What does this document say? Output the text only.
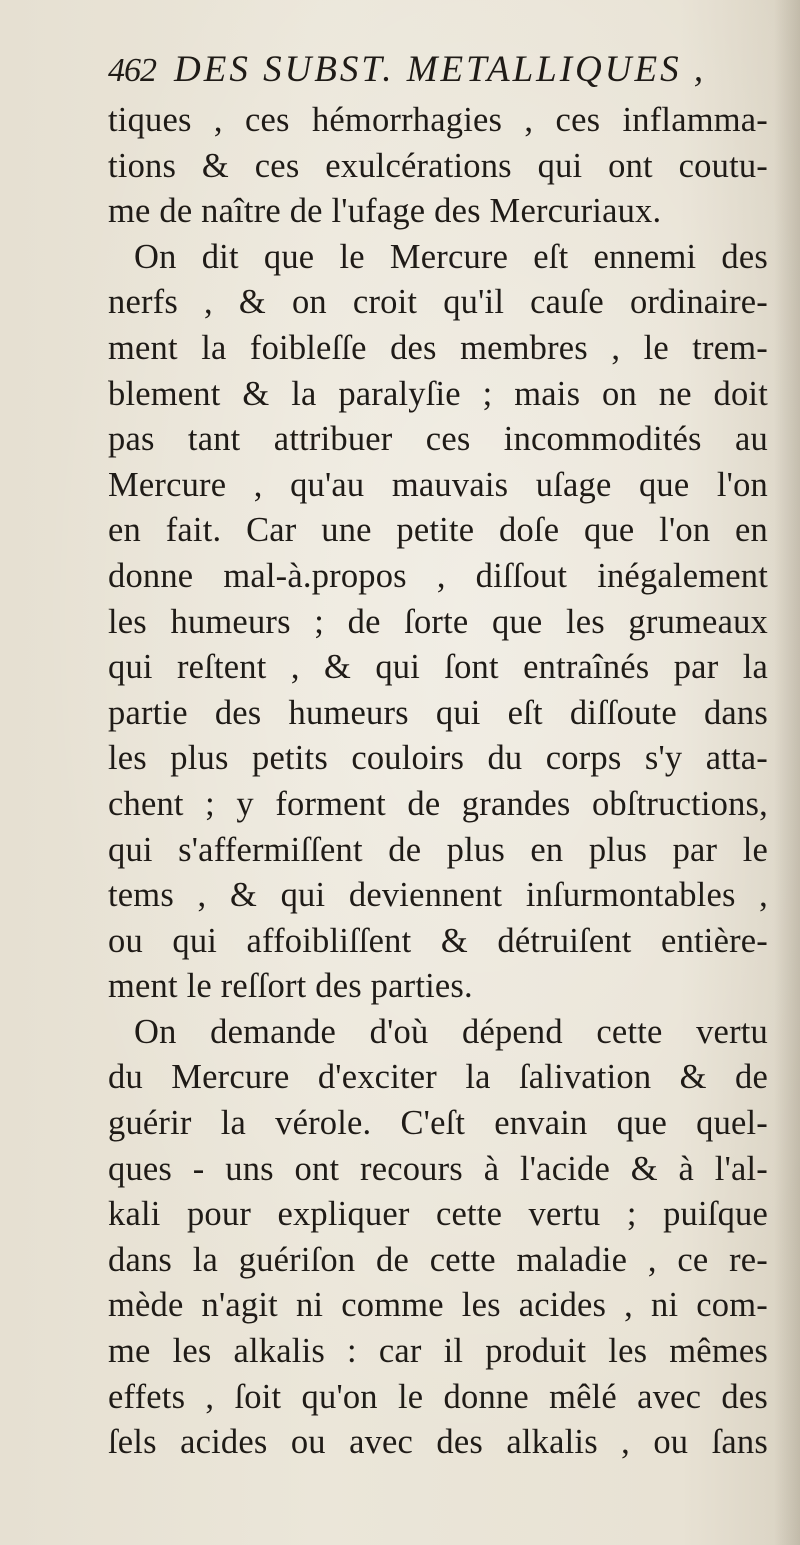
462 DES SUBST. METALLIQUES ,
tiques , ces hémorrhagies , ces inflamma-
tions & ces exulcérations qui ont coutu-
me de naître de l'ufage des Mercuriaux.
On dit que le Mercure eſt ennemi des
nerfs , & on croit qu'il cauſe ordinaire-
ment la foibleſſe des membres , le trem-
blement & la paralyſie ; mais on ne doit
pas tant attribuer ces incommodités au
Mercure , qu'au mauvais uſage que l'on
en fait. Car une petite doſe que l'on en
donne mal-à.propos , diſſout inégalement
les humeurs ; de ſorte que les grumeaux
qui reſtent , & qui ſont entraînés par la
partie des humeurs qui eſt diſſoute dans
les plus petits couloirs du corps s'y atta-
chent ; y forment de grandes obſtructions,
qui s'affermiſſent de plus en plus par le
tems , & qui deviennent inſurmontables ,
ou qui affoibliſſent & détruiſent entière-
ment le reſſort des parties.
On demande d'où dépend cette vertu
du Mercure d'exciter la ſalivation & de
guérir la vérole. C'eſt envain que quel-
ques - uns ont recours à l'acide & à l'al-
kali pour expliquer cette vertu ; puiſque
dans la guériſon de cette maladie , ce re-
mède n'agit ni comme les acides , ni com-
me les alkalis : car il produit les mêmes
effets , ſoit qu'on le donne mêlé avec des
ſels acides ou avec des alkalis , ou ſans
